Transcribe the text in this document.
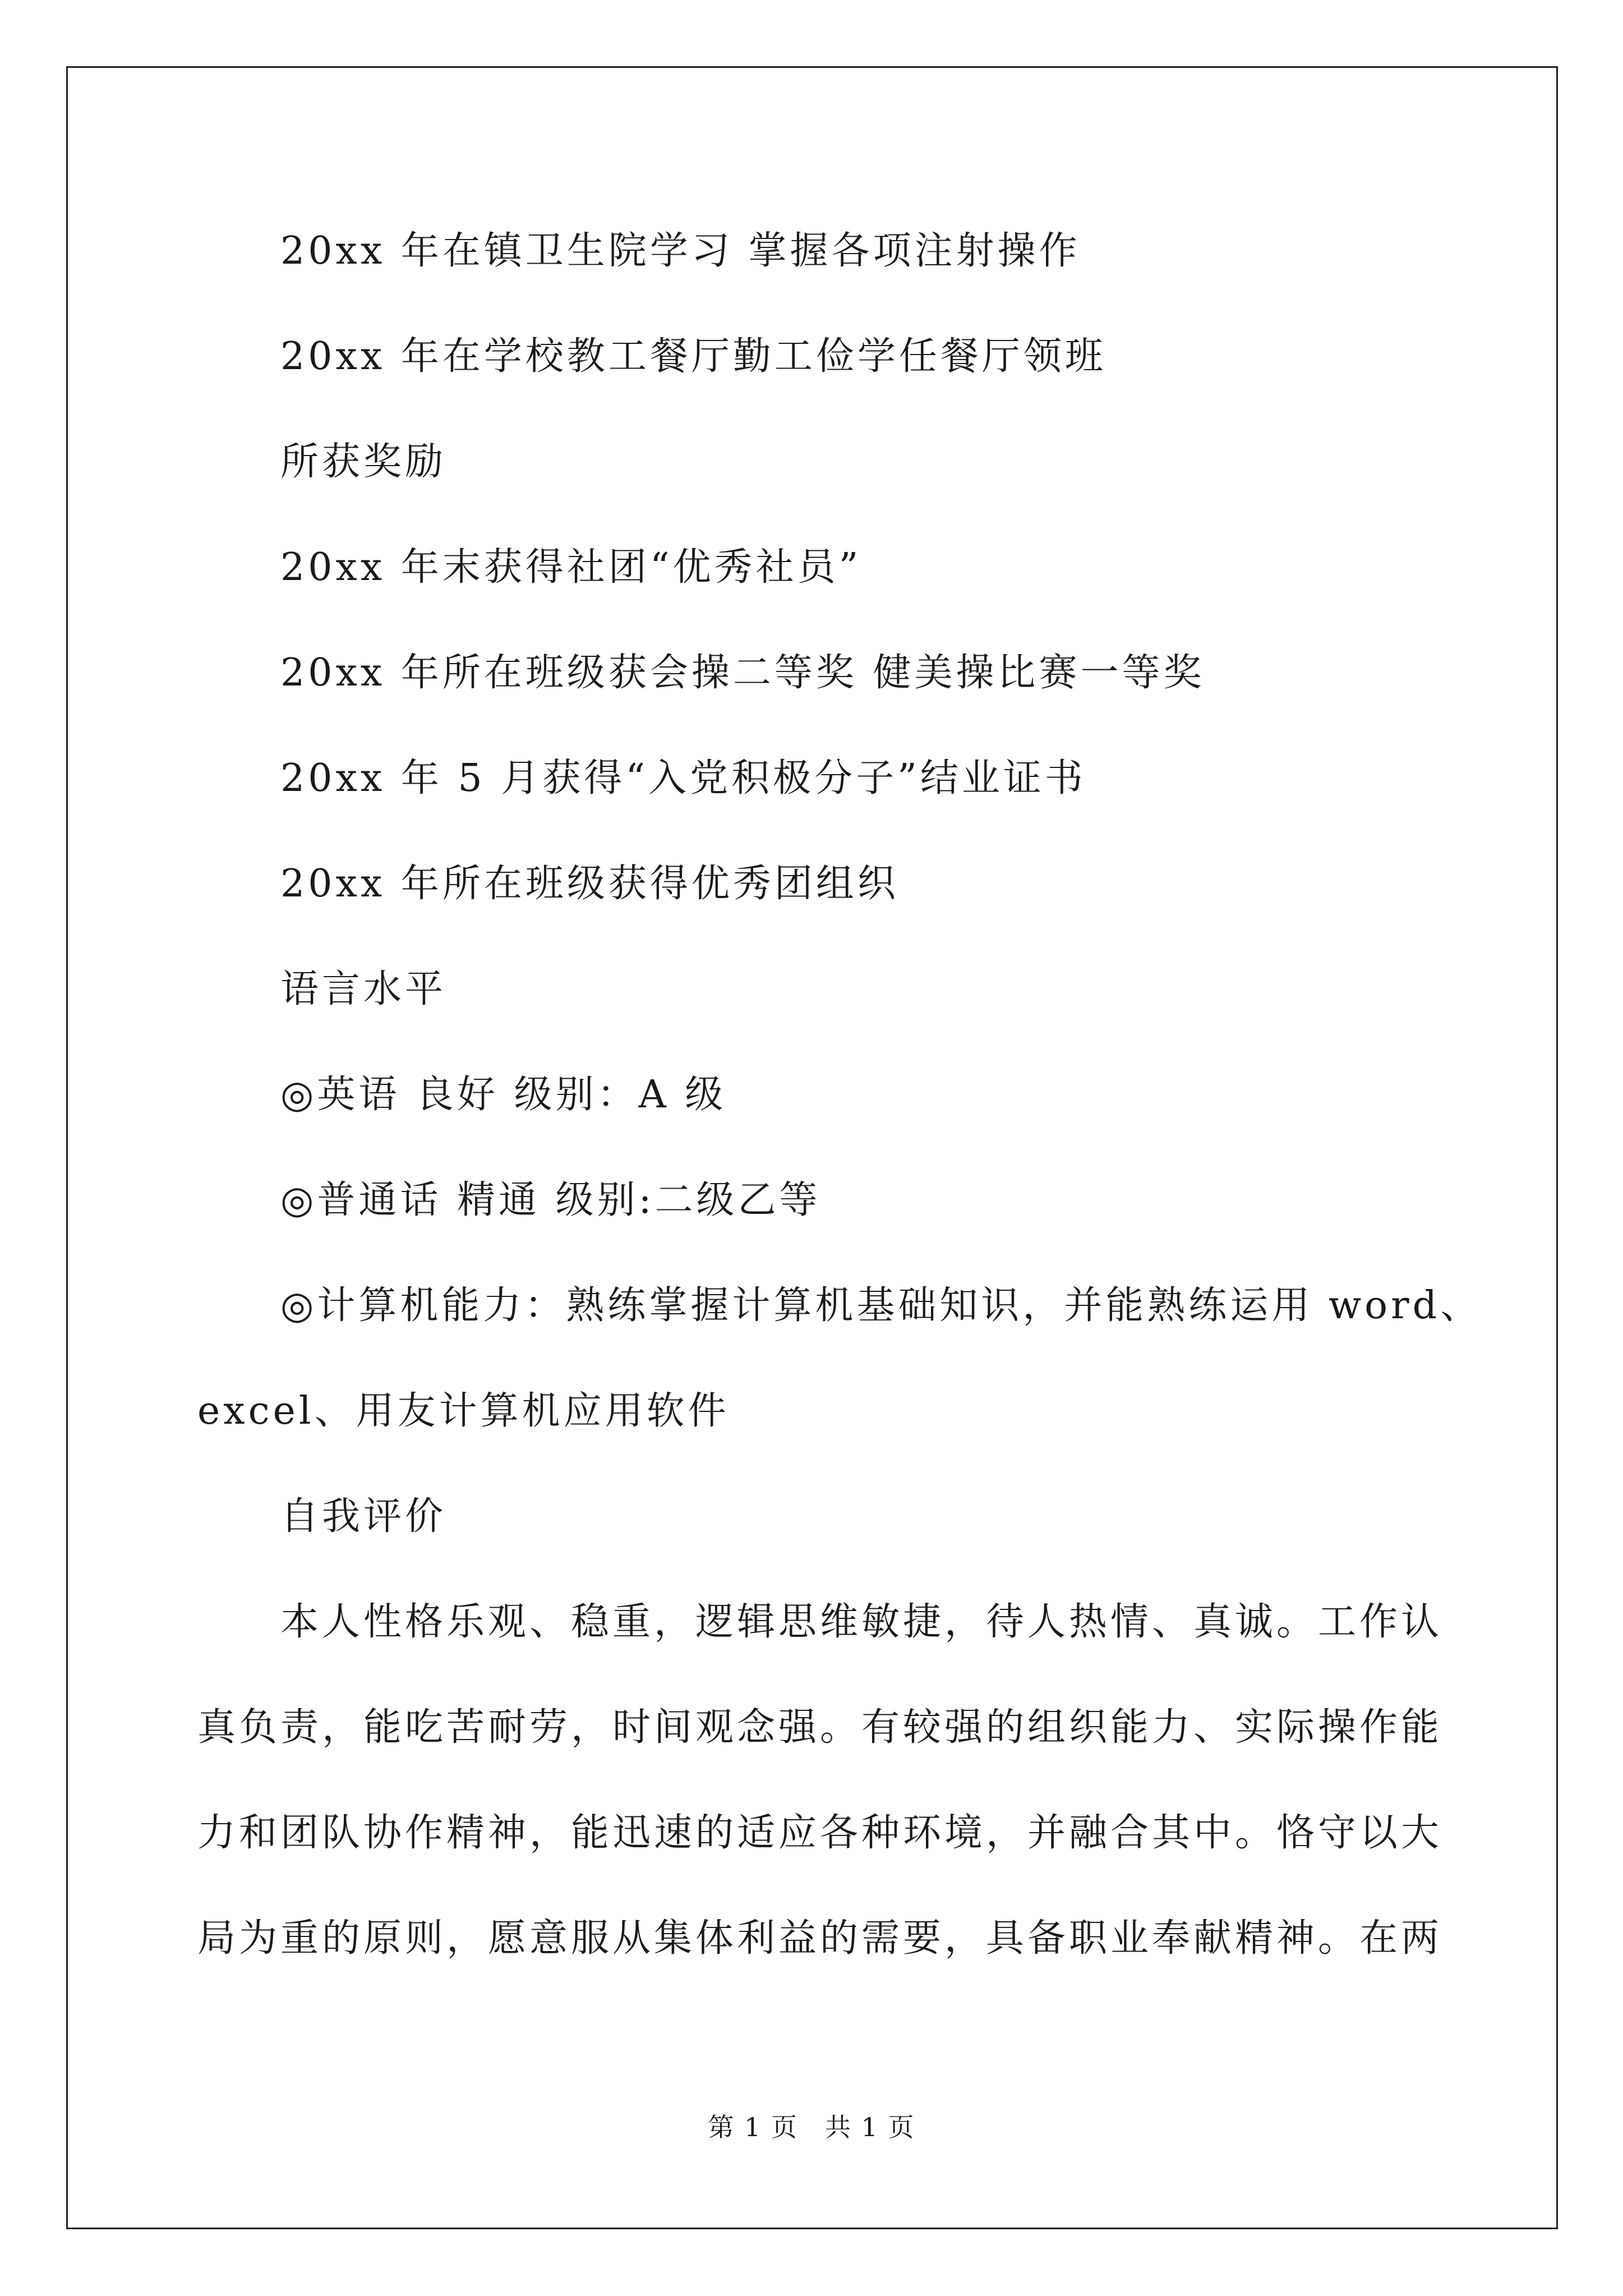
20xx 年在镇卫生院学习 掌握各项注射操作
20xx 年在学校教工餐厅勤工俭学任餐厅领班
所获奖励
20xx 年末获得社团“优秀社员”
20xx 年所在班级获会操二等奖 健美操比赛一等奖
20xx 年 5 月获得“入党积极分子”结业证书
20xx 年所在班级获得优秀团组织
语言水平
◎英语 良好 级别：A 级
◎普通话 精通 级别:二级乙等
◎计算机能力：熟练掌握计算机基础知识，并能熟练运用 word、
excel、用友计算机应用软件
自我评价
本人性格乐观、稳重，逻辑思维敏捷，待人热情、真诚。工作认
真负责，能吃苦耐劳，时间观念强。有较强的组织能力、实际操作能
力和团队协作精神，能迅速的适应各种环境，并融合其中。恪守以大
局为重的原则，愿意服从集体利益的需要，具备职业奉献精神。在两
第 1 页 共 1 页
